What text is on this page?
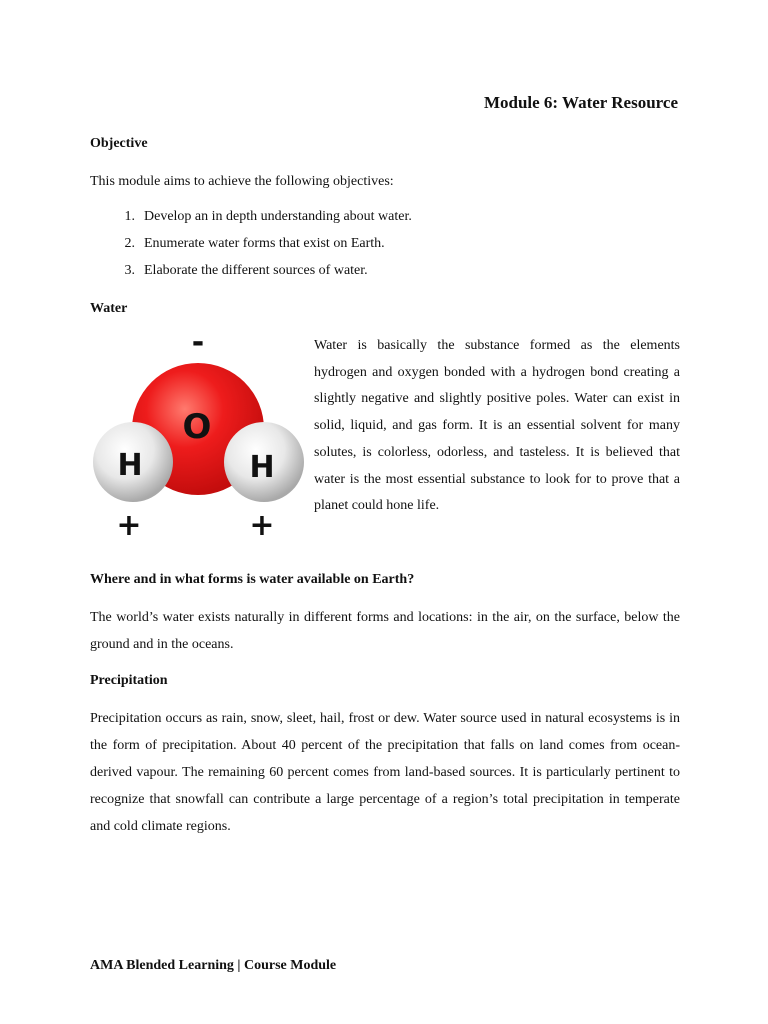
Module 6: Water Resource
Objective

This module aims to achieve the following objectives:

1. Develop an in depth understanding about water.
2. Enumerate water forms that exist on Earth.
3. Elaborate the different sources of water.
Water
O
H	H
-
+	+

Water is basically the substance formed as the elements hydrogen and oxygen bonded with a hydrogen bond creating a slightly negative and slightly positive poles. Water can exist in solid, liquid, and gas form. It is an essential solvent for many solutes, is colorless, odorless, and tasteless. It is believed that water is the most essential substance to look for to prove that a planet could hone life.

Where and in what forms is water available on Earth?

The world’s water exists naturally in different forms and locations: in the air, on the surface, below the ground and in the oceans.

Precipitation

Precipitation occurs as rain, snow, sleet, hail, frost or dew. Water source used in natural ecosystems is in the form of precipitation. About 40 percent of the precipitation that falls on land comes from ocean-derived vapour. The remaining 60 percent comes from land-based sources. It is particularly pertinent to recognize that snowfall can contribute a large percentage of a region’s total precipitation in temperate and cold climate regions.

AMA Blended Learning | Course Module
